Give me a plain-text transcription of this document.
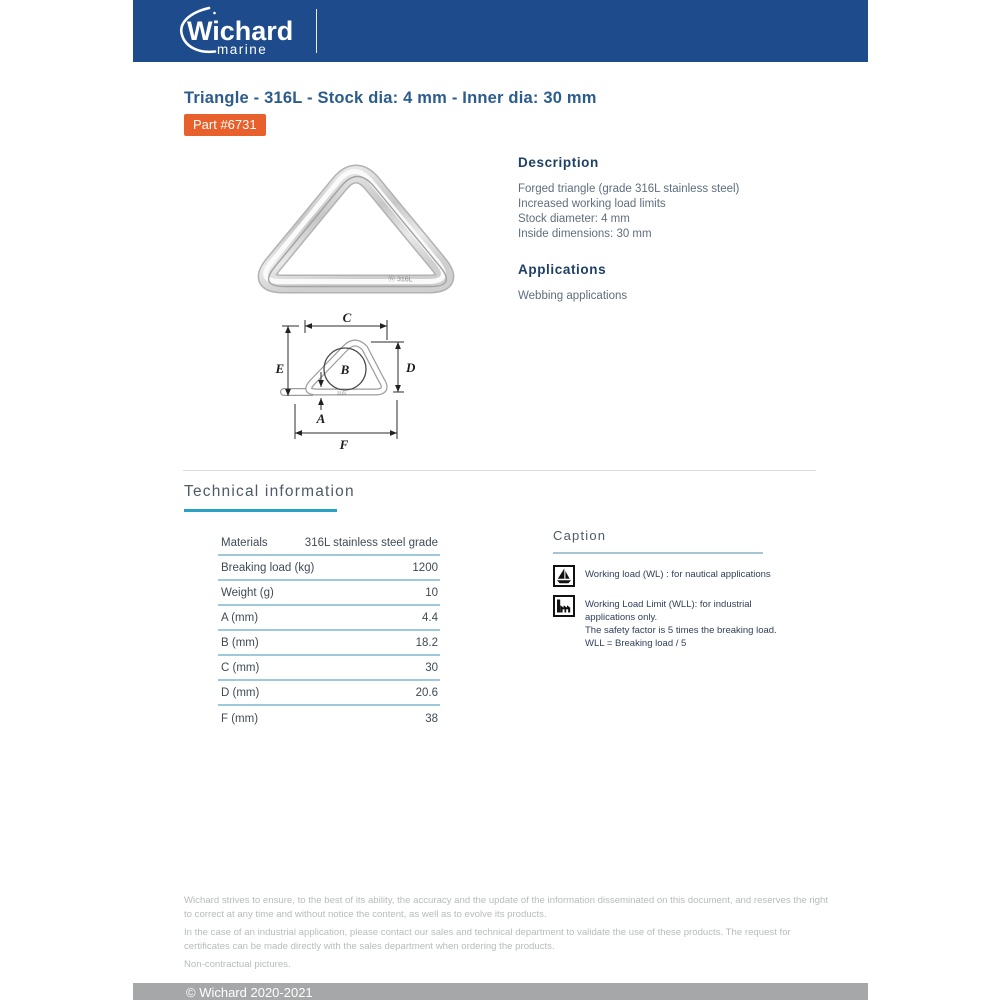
Wichard
marine
Triangle - 316L - Stock dia: 4 mm - Inner dia: 30 mm
Part #6731
Ⓦ 316L
316L
B
C
E	D
A
F
Description
Forged triangle (grade 316L stainless steel)
Increased working load limits
Stock diameter: 4 mm
Inside dimensions: 30 mm
Applications
Webbing applications
Technical information
Materials	316L stainless steel grade
Breaking load (kg)	1200
Weight (g)	10
A (mm)	4.4
B (mm)	18.2
C (mm)	30
D (mm)	20.6
F (mm)	38
Caption
Working load (WL) : for nautical applications
Working Load Limit (WLL): for industrial applications only.
The safety factor is 5 times the breaking load.
WLL = Breaking load / 5

Wichard strives to ensure, to the best of its ability, the accuracy and the update of the information disseminated on this document, and reserves the right to correct at any time and without notice the content, as well as to evolve its products.

In the case of an industrial application, please contact our sales and technical department to validate the use of these products. The request for certificates can be made directly with the sales department when ordering the products.

Non-contractual pictures.

© Wichard 2020-2021
